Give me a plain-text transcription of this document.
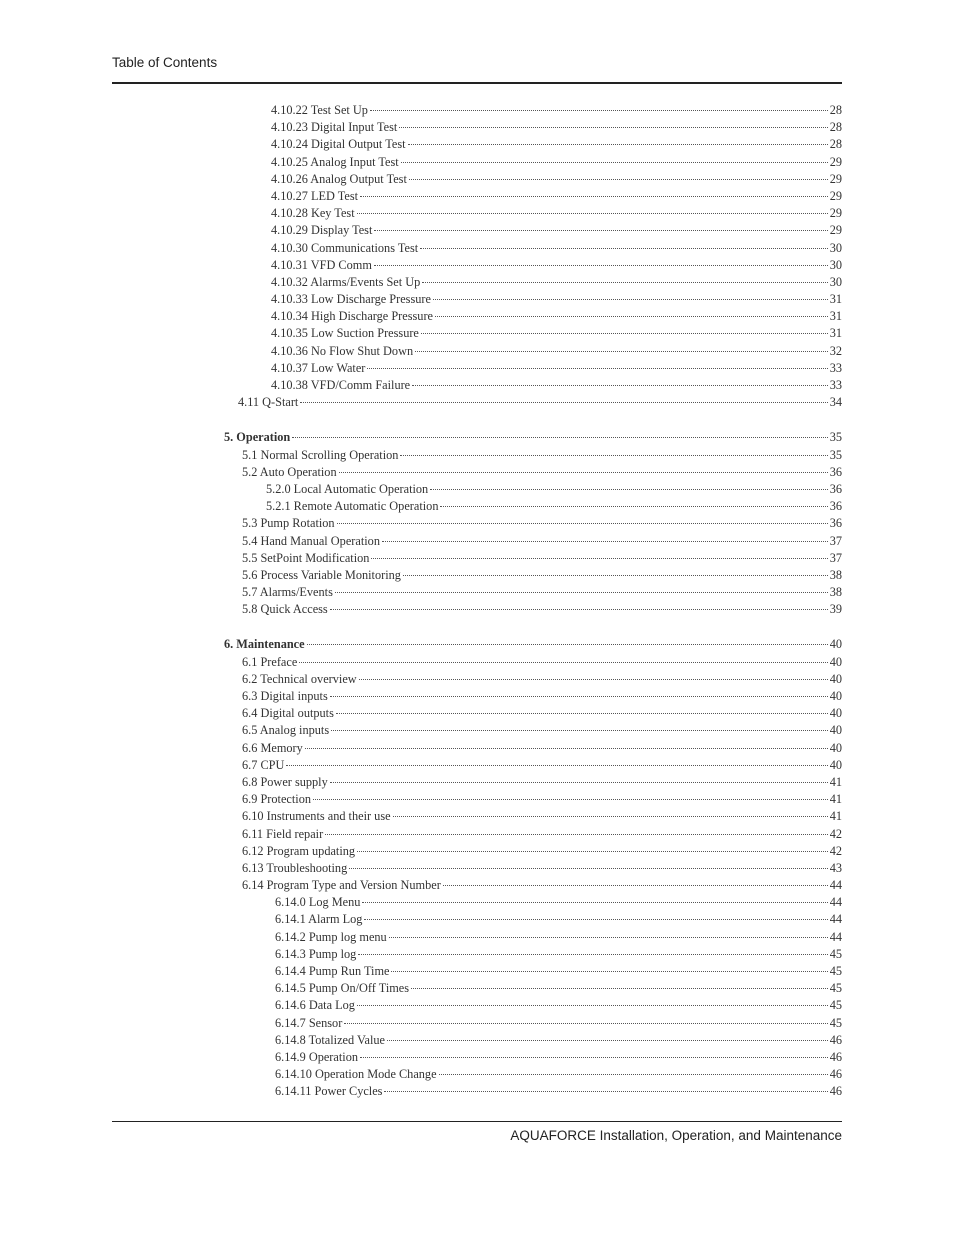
Table of Contents
4.10.22 Test Set Up	28
4.10.23 Digital Input Test	28
4.10.24 Digital Output Test	28
4.10.25 Analog Input Test	29
4.10.26 Analog Output Test	29
4.10.27 LED Test	29
4.10.28 Key Test	29
4.10.29 Display Test	29
4.10.30 Communications Test	30
4.10.31 VFD Comm	30
4.10.32 Alarms/Events Set Up	30
4.10.33 Low Discharge Pressure	31
4.10.34 High Discharge Pressure	31
4.10.35 Low Suction Pressure	31
4.10.36 No Flow Shut Down	32
4.10.37 Low Water	33
4.10.38 VFD/Comm Failure	33
4.11 Q-Start	34
5. Operation	35
5.1 Normal Scrolling Operation	35
5.2 Auto Operation	36
5.2.0 Local Automatic Operation	36
5.2.1 Remote Automatic Operation	36
5.3 Pump Rotation	36
5.4 Hand Manual Operation	37
5.5 SetPoint Modification	37
5.6 Process Variable Monitoring	38
5.7 Alarms/Events	38
5.8 Quick Access	39
6. Maintenance	40
6.1 Preface	40
6.2 Technical overview	40
6.3 Digital inputs	40
6.4 Digital outputs	40
6.5 Analog inputs	40
6.6 Memory	40
6.7 CPU	40
6.8 Power supply	41
6.9 Protection	41
6.10 Instruments and their use	41
6.11 Field repair	42
6.12 Program updating	42
6.13 Troubleshooting	43
6.14 Program Type and Version Number	44
6.14.0 Log Menu	44
6.14.1 Alarm Log	44
6.14.2 Pump log menu	44
6.14.3 Pump log	45
6.14.4 Pump Run Time	45
6.14.5 Pump On/Off Times	45
6.14.6 Data Log	45
6.14.7 Sensor	45
6.14.8 Totalized Value	46
6.14.9 Operation	46
6.14.10 Operation Mode Change	46
6.14.11 Power Cycles	46
AQUAFORCE Installation, Operation, and Maintenance
